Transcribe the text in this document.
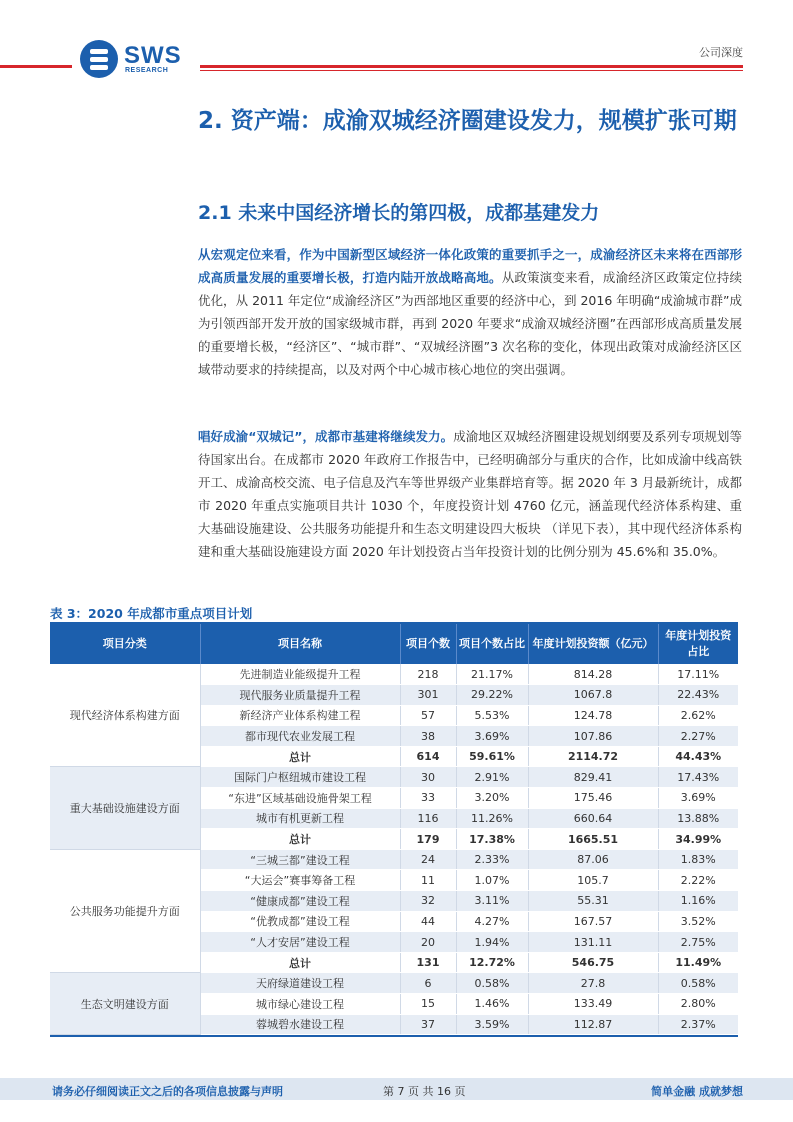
SWS
RESEARCH
公司深度
2. 资产端：成渝双城经济圈建设发力，规模扩张可期
2.1 未来中国经济增长的第四极，成都基建发力
从宏观定位来看，作为中国新型区域经济一体化政策的重要抓手之一，成渝经济区未来将在西部形成高质量发展的重要增长极，打造内陆开放战略高地。从政策演变来看，成渝经济区政策定位持续优化，从 2011 年定位“成渝经济区”为西部地区重要的经济中心，到 2016 年明确“成渝城市群”成为引领西部开发开放的国家级城市群，再到 2020 年要求“成渝双城经济圈”在西部形成高质量发展的重要增长极，“经济区”、“城市群”、“双城经济圈”3 次名称的变化，体现出政策对成渝经济区区域带动要求的持续提高，以及对两个中心城市核心地位的突出强调。
唱好成渝“双城记”，成都市基建将继续发力。成渝地区双城经济圈建设规划纲要及系列专项规划等待国家出台。在成都市 2020 年政府工作报告中，已经明确部分与重庆的合作，比如成渝中线高铁开工、成渝高校交流、电子信息及汽车等世界级产业集群培育等。据 2020 年 3 月最新统计，成都市 2020 年重点实施项目共计 1030 个，年度投资计划 4760 亿元，涵盖现代经济体系构建、重大基础设施建设、公共服务功能提升和生态文明建设四大板块 （详见下表），其中现代经济体系构建和重大基础设施建设方面 2020 年计划投资占当年投资计划的比例分别为 45.6%和 35.0%。
表 3：2020 年成都市重点项目计划
项目分类	项目名称	项目个数	项目个数占比	年度计划投资额（亿元）	年度计划投资占比
现代经济体系构建方面	先进制造业能级提升工程	218	21.17%	814.28	17.11%
	现代服务业质量提升工程	301	29.22%	1067.8	22.43%
	新经济产业体系构建工程	57	5.53%	124.78	2.62%
	都市现代农业发展工程	38	3.69%	107.86	2.27%
	总计	614	59.61%	2114.72	44.43%
重大基础设施建设方面	国际门户枢纽城市建设工程	30	2.91%	829.41	17.43%
	“东进”区域基础设施骨架工程	33	3.20%	175.46	3.69%
	城市有机更新工程	116	11.26%	660.64	13.88%
	总计	179	17.38%	1665.51	34.99%
公共服务功能提升方面	“三城三都”建设工程	24	2.33%	87.06	1.83%
	“大运会”赛事筹备工程	11	1.07%	105.7	2.22%
	“健康成都”建设工程	32	3.11%	55.31	1.16%
	“优教成都”建设工程	44	4.27%	167.57	3.52%
	“人才安居”建设工程	20	1.94%	131.11	2.75%
	总计	131	12.72%	546.75	11.49%
生态文明建设方面	天府绿道建设工程	6	0.58%	27.8	0.58%
	城市绿心建设工程	15	1.46%	133.49	2.80%
	蓉城碧水建设工程	37	3.59%	112.87	2.37%
请务必仔细阅读正文之后的各项信息披露与声明	第 7 页 共 16 页	简单金融 成就梦想
